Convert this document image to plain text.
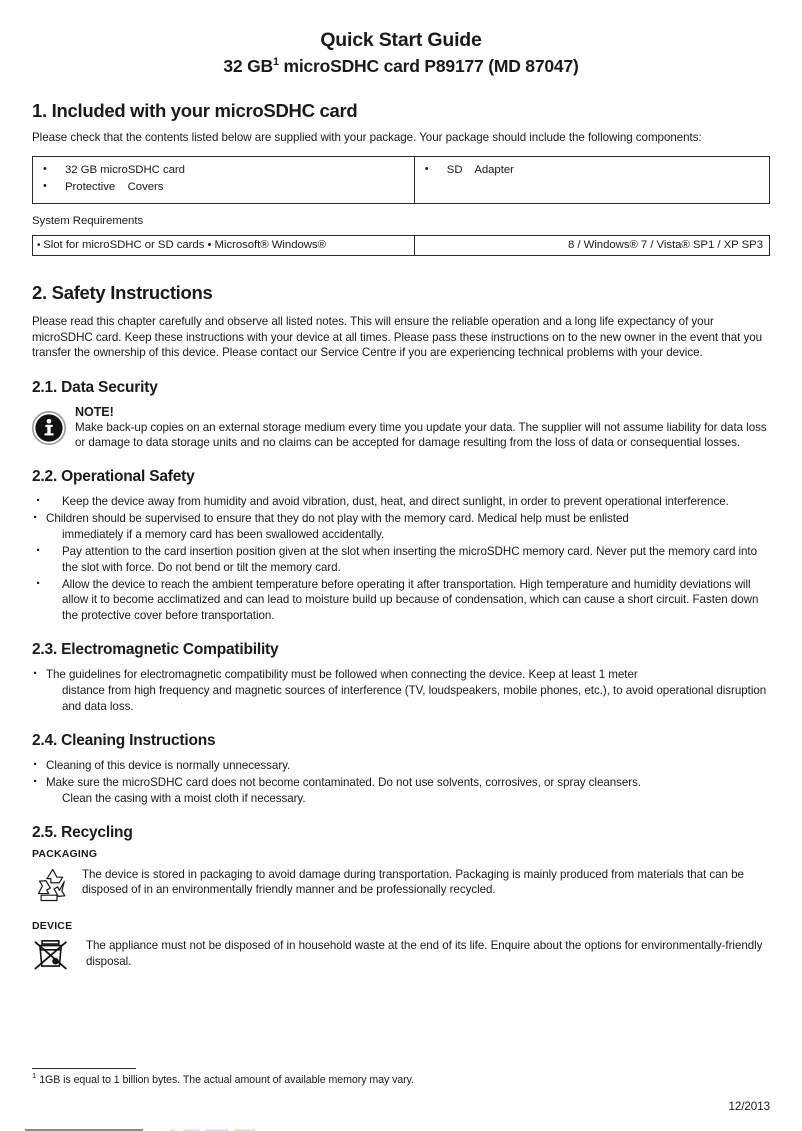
Quick Start Guide
32 $GB^1$ microSDHC card P89177 (MD 87047)
1. Included with your microSDHC card

Please check that the contents listed below are supplied with your package. Your package should include the following components:

• 32 GB microSDHC card
• Protective    Covers

• SD    Adapter

System Requirements

• Slot for microSDHC or SD cards • Microsoft® Windows®	8 / Windows® 7 / Vista® SP1 / XP SP3
2. Safety Instructions

Please read this chapter carefully and observe all listed notes. This will ensure the reliable operation and a long life expectancy of your microSDHC card. Keep these instructions with your device at all times. Please pass these instructions on to the new owner in the event that you transfer the ownership of this device. Please contact our Service Centre if you are experiencing technical problems with your device.

2.1. Data Security

NOTE!

Make back-up copies on an external storage medium every time you update your data. The supplier will not assume liability for data loss or damage to data storage units and no claims can be accepted for damage resulting from the loss of data or consequential losses.

2.2. Operational Safety
· Keep the device away from humidity and avoid vibration, dust, heat, and direct sunlight, in order to prevent operational interference.
· Children should be supervised to ensure that they do not play with the memory card. Medical help must be enlisted
immediately if a memory card has been swallowed accidentally.
· Pay attention to the card insertion position given at the slot when inserting the microSDHC memory card. Never put the memory card into the slot with force. Do not bend or tilt the memory card.
· Allow the device to reach the ambient temperature before operating it after transportation. High temperature and humidity deviations will allow it to become acclimatized and can lead to moisture build up because of condensation, which can cause a short circuit. Fasten down the protective cover before transportation.
2.3. Electromagnetic Compatibility
· The guidelines for electromagnetic compatibility must be followed when connecting the device. Keep at least 1 meter
distance from high frequency and magnetic sources of interference (TV, loudspeakers, mobile phones, etc.), to avoid operational disruption and data loss.
2.4. Cleaning Instructions
· Cleaning of this device is normally unnecessary.
· Make sure the microSDHC card does not become contaminated. Do not use solvents, corrosives, or spray cleansers.
Clean the casing with a moist cloth if necessary.
2.5. Recycling
PACKAGING

The device is stored in packaging to avoid damage during transportation. Packaging is mainly produced from materials that can be disposed of in an environmentally friendly manner and be professionally recycled.

DEVICE

The appliance must not be disposed of in household waste at the end of its life. Enquire about the options for environmentally-friendly disposal.

$^1$ 1GB is equal to 1 billion bytes. The actual amount of available memory may vary.

12/2013
